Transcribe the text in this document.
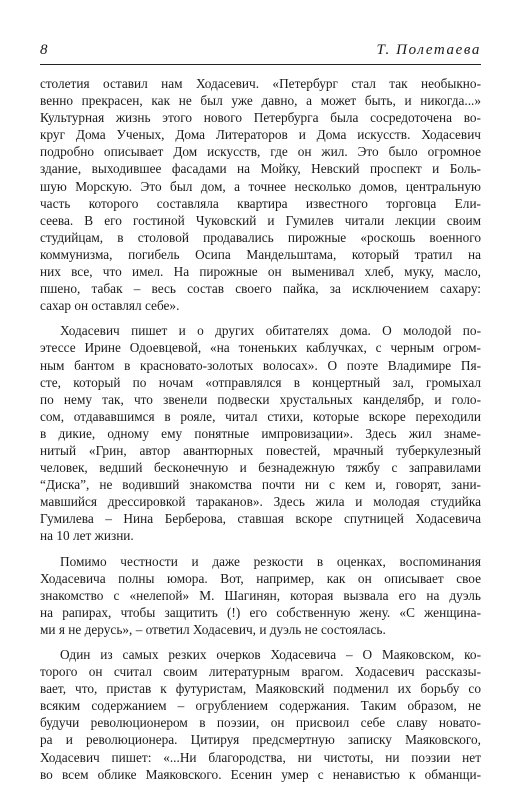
8	Т. Полетаева
столетия оставил нам Ходасевич. «Петербург стал так необыкно-
венно прекрасен, как не был уже давно, а может быть, и никогда...»
Культурная жизнь этого нового Петербурга была сосредоточена во-
круг Дома Ученых, Дома Литераторов и Дома искусств. Ходасевич
подробно описывает Дом искусств, где он жил. Это было огромное
здание, выходившее фасадами на Мойку, Невский проспект и Боль-
шую Морскую. Это был дом, а точнее несколько домов, центральную
часть которого составляла квартира известного торговца Ели-
сеева. В его гостиной Чуковский и Гумилев читали лекции своим
студийцам, в столовой продавались пирожные «роскошь военного
коммунизма, погибель Осипа Мандельштама, который тратил на
них все, что имел. На пирожные он выменивал хлеб, муку, масло,
пшено, табак – весь состав своего пайка, за исключением сахару:
сахар он оставлял себе».
Ходасевич пишет и о других обитателях дома. О молодой по-
этессе Ирине Одоевцевой, «на тоненьких каблучках, с черным огром-
ным бантом в красновато-золотых волосах». О поэте Владимире Пя-
сте, который по ночам «отправлялся в концертный зал, громыхал
по нему так, что звенели подвески хрустальных канделябр, и голо-
сом, отдававшимся в рояле, читал стихи, которые вскоре переходили
в дикие, одному ему понятные импровизации». Здесь жил знаме-
нитый «Грин, автор авантюрных повестей, мрачный туберкулезный
человек, ведший бесконечную и безнадежную тяжбу с заправилами
“Диска”, не водивший знакомства почти ни с кем и, говорят, зани-
мавшийся дрессировкой тараканов». Здесь жила и молодая студийка
Гумилева – Нина Берберова, ставшая вскоре спутницей Ходасевича
на 10 лет жизни.
Помимо честности и даже резкости в оценках, воспоминания
Ходасевича полны юмора. Вот, например, как он описывает свое
знакомство с «нелепой» М. Шагинян, которая вызвала его на дуэль
на рапирах, чтобы защитить (!) его собственную жену. «С женщина-
ми я не дерусь», – ответил Ходасевич, и дуэль не состоялась.
Один из самых резких очерков Ходасевича – О Маяковском, ко-
торого он считал своим литературным врагом. Ходасевич рассказы-
вает, что, пристав к футуристам, Маяковский подменил их борьбу со
всяким содержанием – огрублением содержания. Таким образом, не
будучи революционером в поэзии, он присвоил себе славу новато-
ра и революционера. Цитируя предсмертную записку Маяковского,
Ходасевич пишет: «...Ни благородства, ни чистоты, ни поэзии нет
во всем облике Маяковского. Есенин умер с ненавистью к обманщи-
